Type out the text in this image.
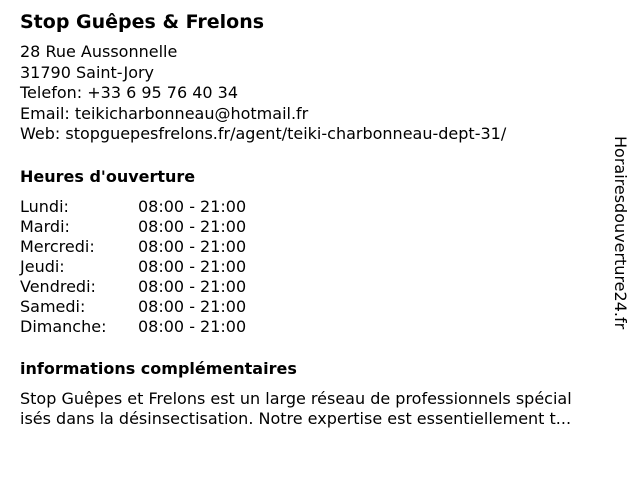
Stop Guêpes & Frelons
28 Rue Aussonnelle
31790 Saint-Jory
Telefon: +33 6 95 76 40 34
Email: teikicharbonneau@hotmail.fr
Web: stopguepesfrelons.fr/agent/teiki-charbonneau-dept-31/
Heures d'ouverture
Lundi:	08:00 - 21:00
Mardi:	08:00 - 21:00
Mercredi:	08:00 - 21:00
Jeudi:	08:00 - 21:00
Vendredi:	08:00 - 21:00
Samedi:	08:00 - 21:00
Dimanche:	08:00 - 21:00
informations complémentaires
Stop Guêpes et Frelons est un large réseau de professionnels spécial
isés dans la désinsectisation. Notre expertise est essentiellement t...
Horairesdouverture24.fr
